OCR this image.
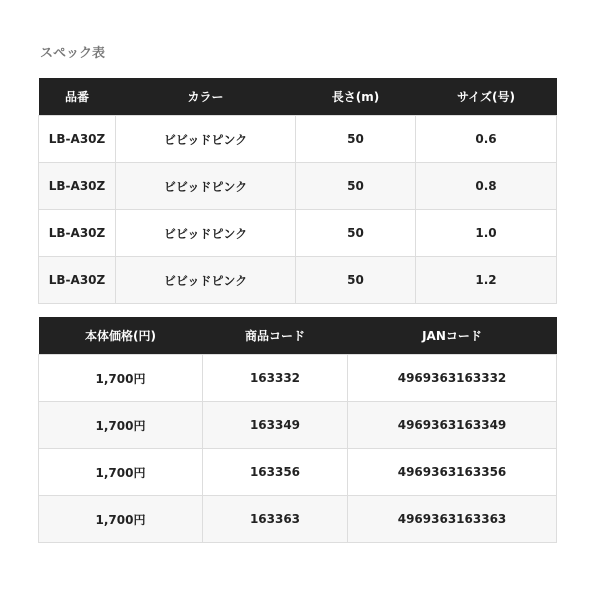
スペック表
品番	カラー	長さ(m)	サイズ(号)
LB-A30Z	ビビッドピンク	50	0.6
LB-A30Z	ビビッドピンク	50	0.8
LB-A30Z	ビビッドピンク	50	1.0
LB-A30Z	ビビッドピンク	50	1.2
本体価格(円)	商品コード	JANコード
1,700円	163332	4969363163332
1,700円	163349	4969363163349
1,700円	163356	4969363163356
1,700円	163363	4969363163363
